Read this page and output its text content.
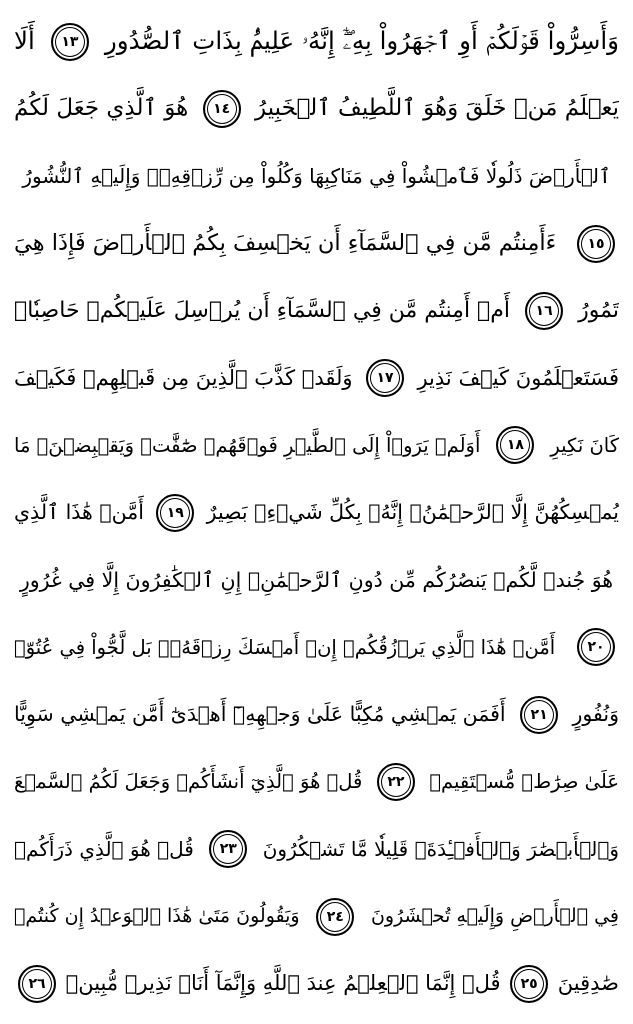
وَأَسِرُّواْ قَوۡلَكُمۡ أَوِ ٱجۡهَرُواْ بِهِۦٓۖ إِنَّهُۥ عَلِيمُۢ بِذَاتِ ٱلصُّدُورِ
١٣
أَلَا
يَعۡلَمُ مَنۡ خَلَقَ وَهُوَ ٱللَّطِيفُ ٱلۡخَبِيرُ
١٤
هُوَ ٱلَّذِي جَعَلَ لَكُمُ
ٱلۡأَرۡضَ ذَلُولٗا فَٱمۡشُواْ فِي مَنَاكِبِهَا وَكُلُواْ مِن رِّزۡقِهِۦۖ وَإِلَيۡهِ ٱلنُّشُورُ
١٥
ءَأَمِنتُم مَّن فِي ٱلسَّمَآءِ أَن يَخۡسِفَ بِكُمُ ٱلۡأَرۡضَ فَإِذَا هِيَ
تَمُورُ
١٦
أَمۡ أَمِنتُم مَّن فِي ٱلسَّمَآءِ أَن يُرۡسِلَ عَلَيۡكُمۡ حَاصِبٗاۖ
فَسَتَعۡلَمُونَ كَيۡفَ نَذِيرِ
١٧
وَلَقَدۡ كَذَّبَ ٱلَّذِينَ مِن قَبۡلِهِمۡ فَكَيۡفَ
كَانَ نَكِيرِ
١٨
أَوَلَمۡ يَرَوۡاْ إِلَى ٱلطَّيۡرِ فَوۡقَهُمۡ صَٰٓفَّٰتٖ وَيَقۡبِضۡنَۚ مَا
يُمۡسِكُهُنَّ إِلَّا ٱلرَّحۡمَٰنُۚ إِنَّهُۥ بِكُلِّ شَيۡءِۢ بَصِيرٌ
١٩
أَمَّنۡ هَٰذَا ٱلَّذِي
هُوَ جُندٞ لَّكُمۡ يَنصُرُكُم مِّن دُونِ ٱلرَّحۡمَٰنِۚ إِنِ ٱلۡكَٰفِرُونَ إِلَّا فِي غُرُورٍ
٢٠
أَمَّنۡ هَٰذَا ٱلَّذِي يَرۡزُقُكُمۡ إِنۡ أَمۡسَكَ رِزۡقَهُۥۚ بَل لَّجُّواْ فِي عُتُوّٖ
وَنُفُورٍ
٢١
أَفَمَن يَمۡشِي مُكِبًّا عَلَىٰ وَجۡهِهِۦٓ أَهۡدَىٰٓ أَمَّن يَمۡشِي سَوِيًّا
عَلَىٰ صِرَٰطٖ مُّسۡتَقِيمٖ
٢٢
قُلۡ هُوَ ٱلَّذِيٓ أَنشَأَكُمۡ وَجَعَلَ لَكُمُ ٱلسَّمۡعَ
وَٱلۡأَبۡصَٰرَ وَٱلۡأَفۡـِٔدَةَۚ قَلِيلٗا مَّا تَشۡكُرُونَ
٢٣
قُلۡ هُوَ ٱلَّذِي ذَرَأَكُمۡ
فِي ٱلۡأَرۡضِ وَإِلَيۡهِ تُحۡشَرُونَ
٢٤
وَيَقُولُونَ مَتَىٰ هَٰذَا ٱلۡوَعۡدُ إِن كُنتُمۡ
صَٰدِقِينَ
٢٥
قُلۡ إِنَّمَا ٱلۡعِلۡمُ عِندَ ٱللَّهِ وَإِنَّمَآ أَنَا۠ نَذِيرٞ مُّبِينٞ
٢٦
